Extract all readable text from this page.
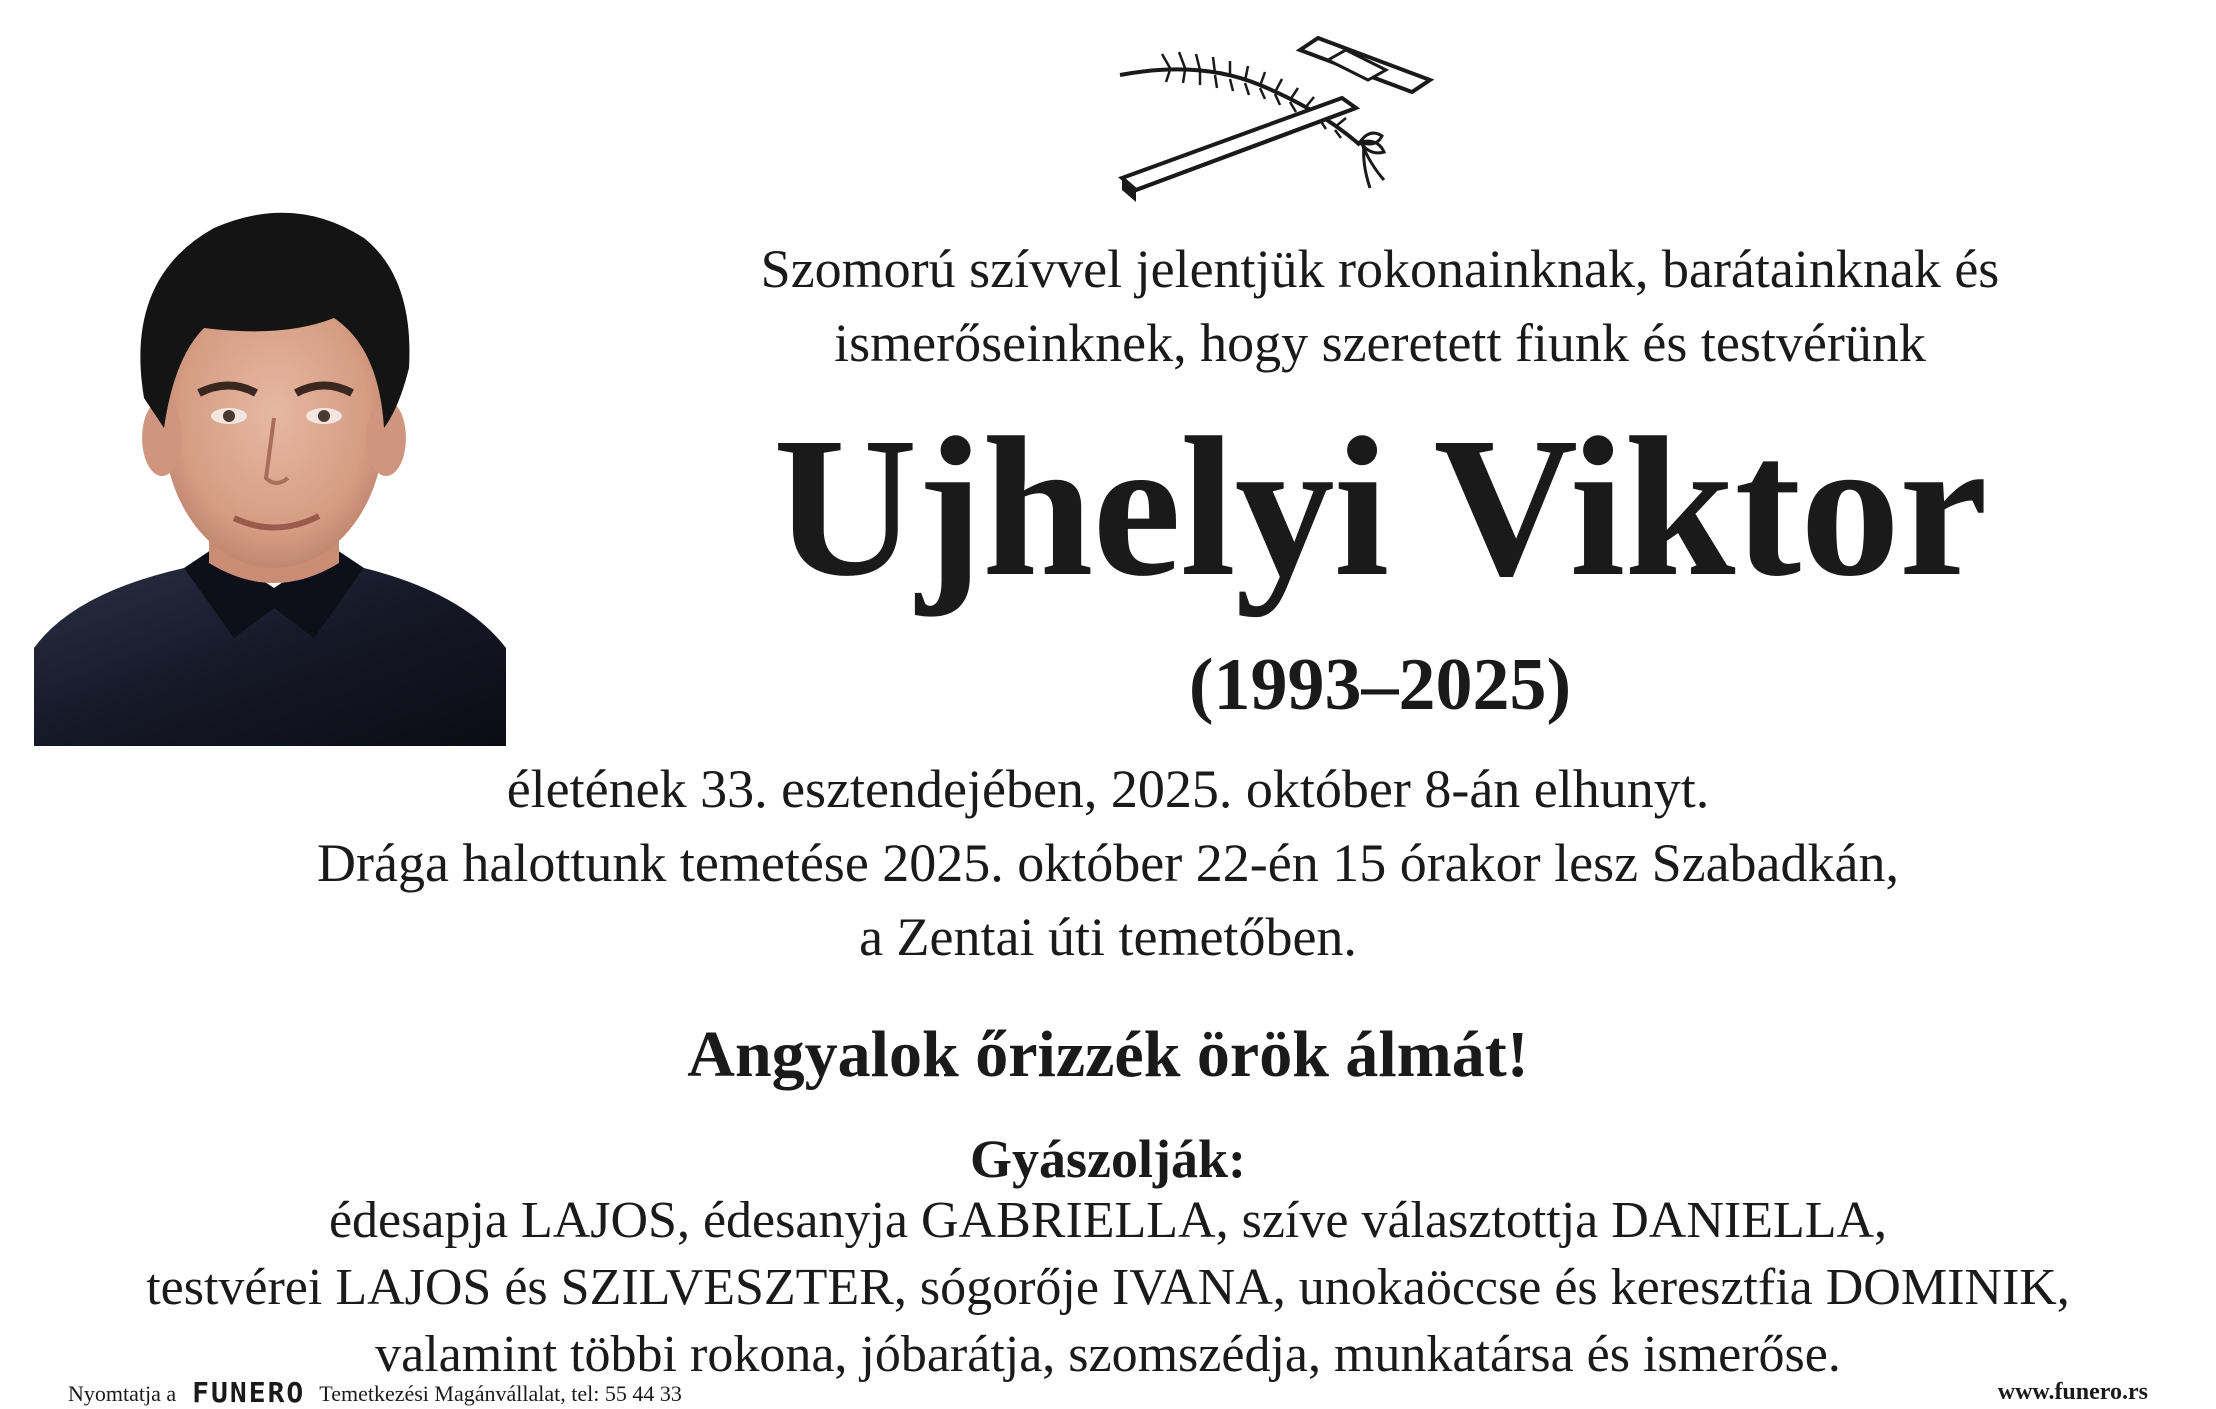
Szomorú szívvel jelentjük rokonainknak, barátainknak és
ismerőseinknek, hogy szeretett fiunk és testvérünk
Ujhelyi Viktor
(1993–2025)
életének 33. esztendejében, 2025. október 8-án elhunyt.
Drága halottunk temetése 2025. október 22-én 15 órakor lesz Szabadkán,
a Zentai úti temetőben.
Angyalok őrizzék örök álmát!
Gyászolják:
édesapja LAJOS, édesanyja GABRIELLA, szíve választottja DANIELLA,
testvérei LAJOS és SZILVESZTER, sógorője IVANA, unokaöccse és keresztfia DOMINIK,
valamint többi rokona, jóbarátja, szomszédja, munkatársa és ismerőse.
Nyomtatja a FUNERO Temetkezési Magánvállalat, tel: 55 44 33	www.funero.rs
